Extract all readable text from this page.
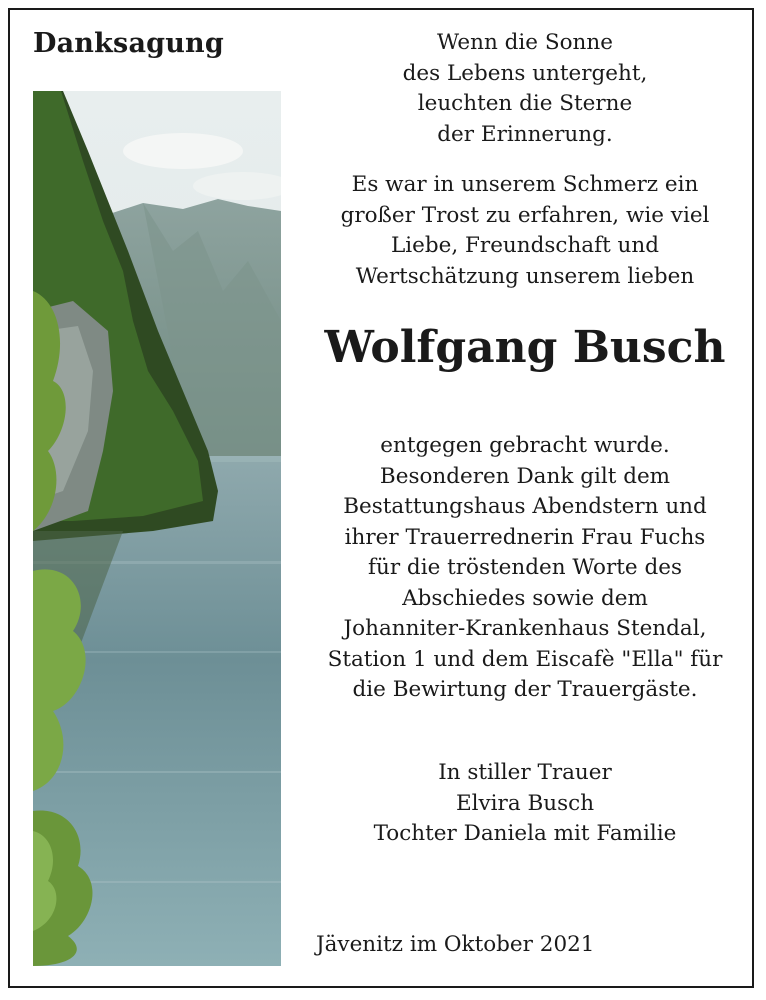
Danksagung	Wenn die Sonne
des Lebens untergeht,
leuchten die Sterne
der Erinnerung.
Es war in unserem Schmerz ein
großer Trost zu erfahren, wie viel
Liebe, Freundschaft und
Wertschätzung unserem lieben
Wolfgang Busch
entgegen gebracht wurde.
Besonderen Dank gilt dem
Bestattungshaus Abendstern und
ihrer Trauerrednerin Frau Fuchs
für die tröstenden Worte des
Abschiedes sowie dem
Johanniter-Krankenhaus Stendal,
Station 1 und dem Eiscafè "Ella" für
die Bewirtung der Trauergäste.
In stiller Trauer
Elvira Busch
Tochter Daniela mit Familie
Jävenitz im Oktober 2021
